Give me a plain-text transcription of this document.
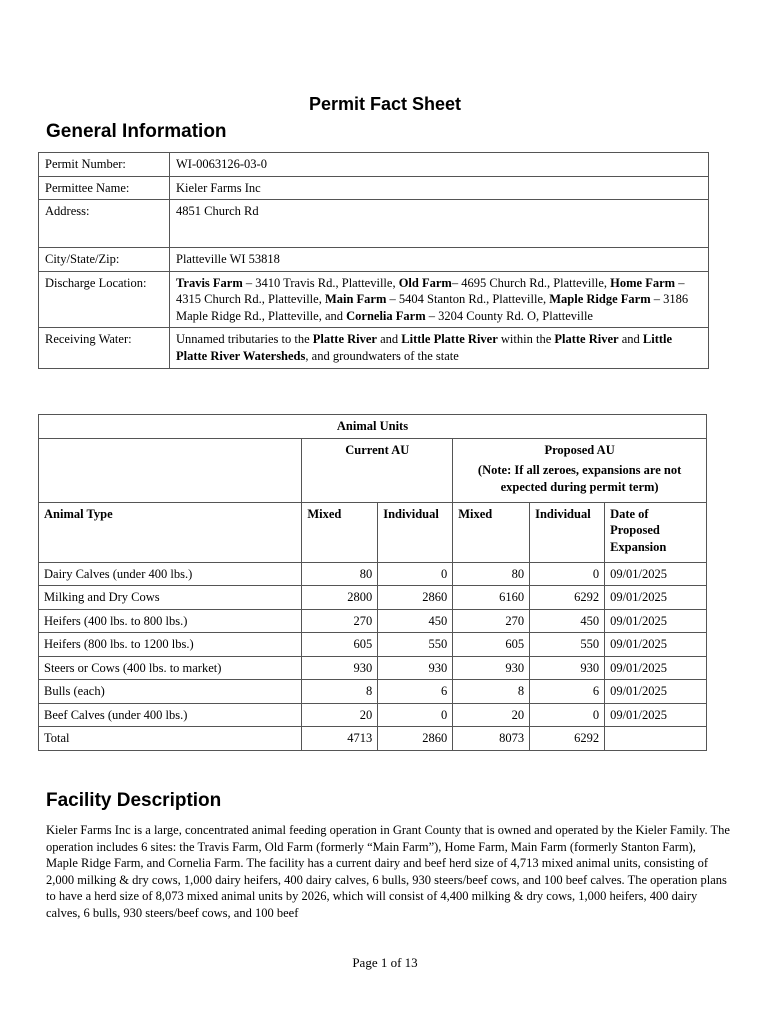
Permit Fact Sheet
General Information
Permit Number:	WI-0063126-03-0
Permittee Name:	Kieler Farms Inc
Address:	4851 Church Rd
City/State/Zip:	Platteville WI 53818
Discharge Location:	Travis Farm – 3410 Travis Rd., Platteville, Old Farm– 4695 Church Rd., Platteville, Home Farm – 4315 Church Rd., Platteville, Main Farm – 5404 Stanton Rd., Platteville, Maple Ridge Farm – 3186 Maple Ridge Rd., Platteville, and Cornelia Farm – 3204 County Rd. O, Platteville
Receiving Water:	Unnamed tributaries to the Platte River and Little Platte River within the Platte River and Little Platte River Watersheds, and groundwaters of the state
Animal Units					
	Current AU		Proposed AU
(Note: If all zeroes, expansions are not expected during permit term)		

Animal Type	Mixed	Individual	Mixed	Individual	Date of Proposed Expansion
Dairy Calves (under 400 lbs.)	80	0	80	0	09/01/2025
Milking and Dry Cows	2800	2860	6160	6292	09/01/2025
Heifers (400 lbs. to 800 lbs.)	270	450	270	450	09/01/2025
Heifers (800 lbs. to 1200 lbs.)	605	550	605	550	09/01/2025
Steers or Cows (400 lbs. to market)	930	930	930	930	09/01/2025
Bulls (each)	8	6	8	6	09/01/2025
Beef Calves (under 400 lbs.)	20	0	20	0	09/01/2025
Total	4713	2860	8073	6292	
Facility Description
Kieler Farms Inc is a large, concentrated animal feeding operation in Grant County that is owned and operated by the Kieler Family. The operation includes 6 sites: the Travis Farm, Old Farm (formerly “Main Farm”), Home Farm, Main Farm (formerly Stanton Farm), Maple Ridge Farm, and Cornelia Farm. The facility has a current dairy and beef herd size of 4,713 mixed animal units, consisting of 2,000 milking & dry cows, 1,000 dairy heifers, 400 dairy calves, 6 bulls, 930 steers/beef cows, and 100 beef calves. The operation plans to have a herd size of 8,073 mixed animal units by 2026, which will consist of 4,400 milking & dry cows, 1,000 heifers, 400 dairy calves, 6 bulls, 930 steers/beef cows, and 100 beef
Page 1 of 13
